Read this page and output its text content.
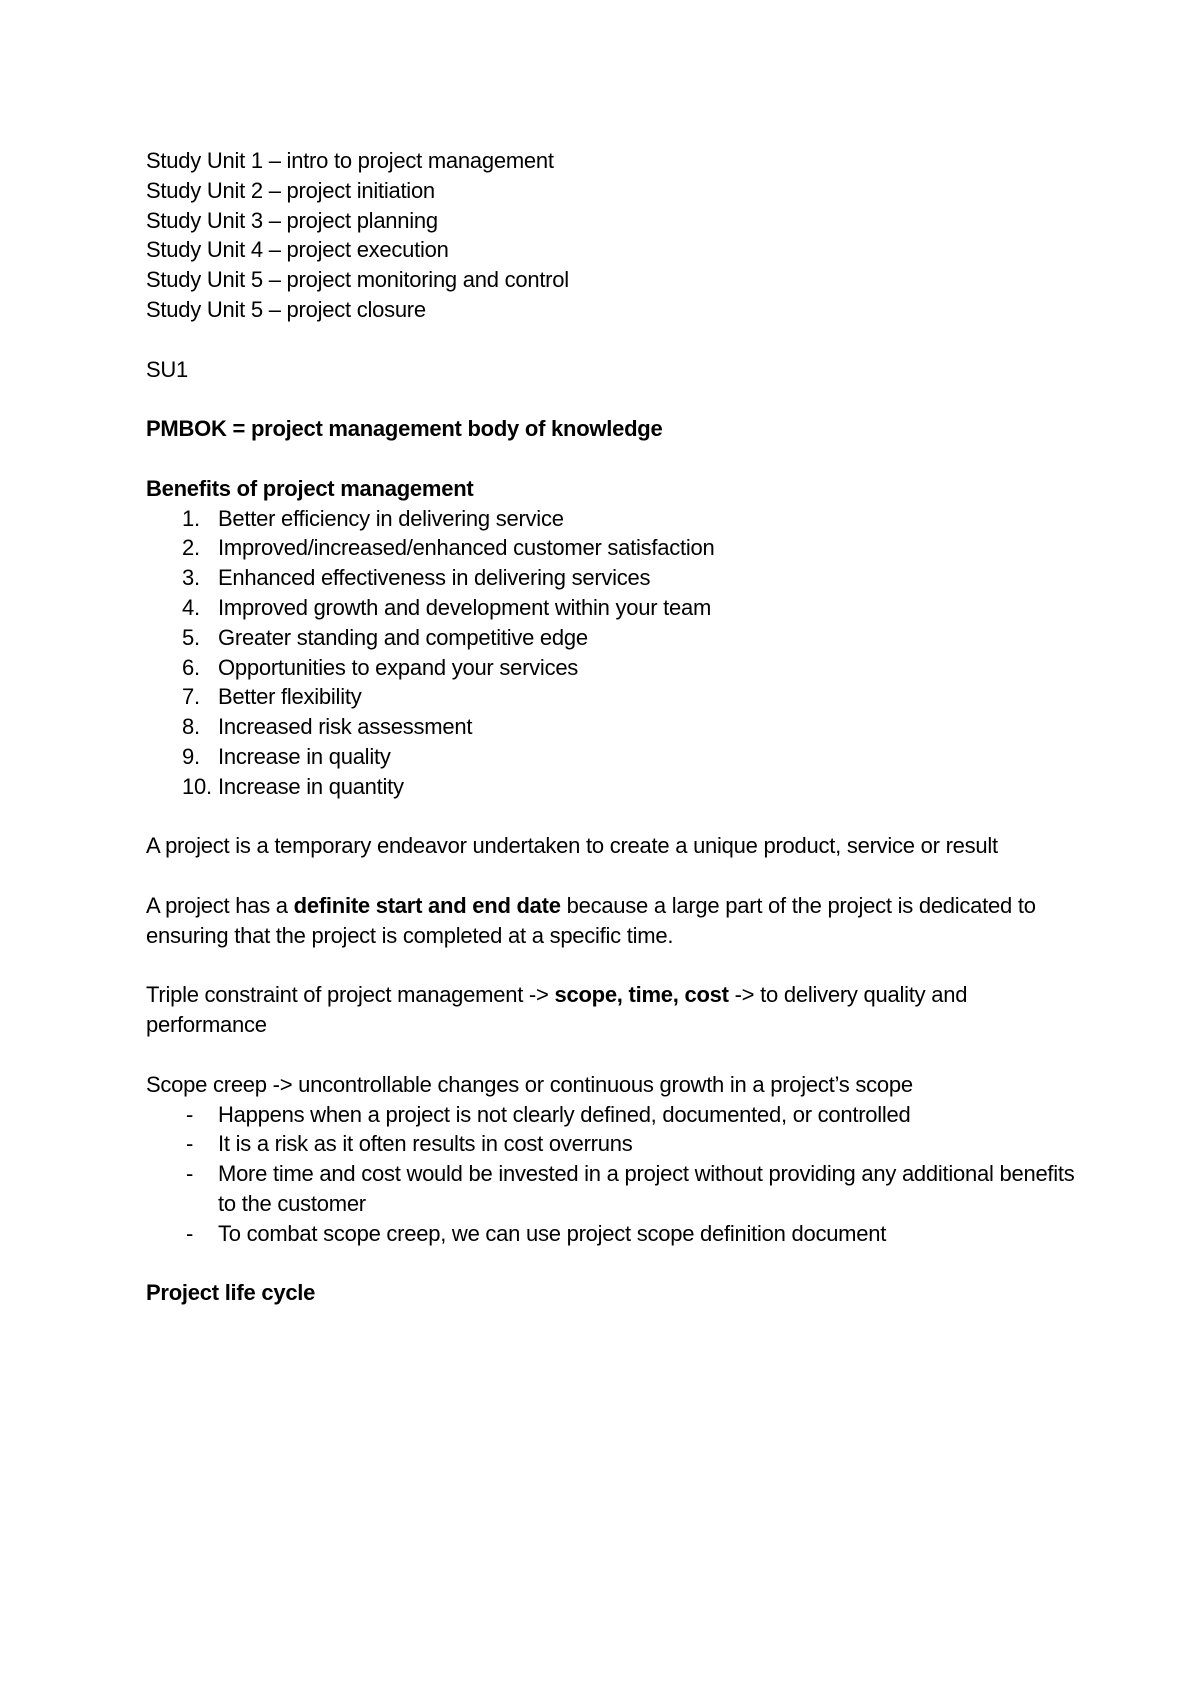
Study Unit 1 – intro to project management
Study Unit 2 – project initiation
Study Unit 3 – project planning
Study Unit 4 – project execution
Study Unit 5 – project monitoring and control
Study Unit 5 – project closure
SU1
PMBOK = project management body of knowledge
Benefits of project management
1. Better efficiency in delivering service
2. Improved/increased/enhanced customer satisfaction
3. Enhanced effectiveness in delivering services
4. Improved growth and development within your team
5. Greater standing and competitive edge
6. Opportunities to expand your services
7. Better flexibility
8. Increased risk assessment
9. Increase in quality
10. Increase in quantity
A project is a temporary endeavor undertaken to create a unique product, service or result
A project has a definite start and end date because a large part of the project is dedicated to ensuring that the project is completed at a specific time.
Triple constraint of project management -> scope, time, cost -> to delivery quality and performance
Scope creep -> uncontrollable changes or continuous growth in a project’s scope
- Happens when a project is not clearly defined, documented, or controlled
- It is a risk as it often results in cost overruns
- More time and cost would be invested in a project without providing any additional benefits to the customer
- To combat scope creep, we can use project scope definition document
Project life cycle
